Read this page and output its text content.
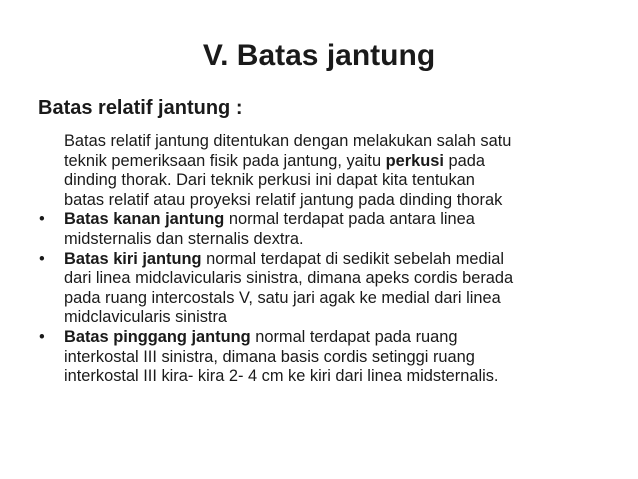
V. Batas jantung
Batas relatif jantung :
Batas relatif jantung ditentukan dengan melakukan salah satu
teknik pemeriksaan fisik pada jantung, yaitu perkusi pada
dinding thorak. Dari teknik perkusi ini dapat kita tentukan
batas relatif atau proyeksi relatif jantung pada dinding thorak
• Batas kanan jantung normal terdapat pada antara linea
midsternalis dan sternalis dextra.
• Batas kiri jantung normal terdapat di sedikit sebelah medial
dari linea midclavicularis sinistra, dimana apeks cordis berada
pada ruang intercostals V, satu jari agak ke medial dari linea
midclavicularis sinistra
• Batas pinggang jantung normal terdapat pada ruang
interkostal III sinistra, dimana basis cordis setinggi ruang
interkostal III kira- kira 2- 4 cm ke kiri dari linea midsternalis.
